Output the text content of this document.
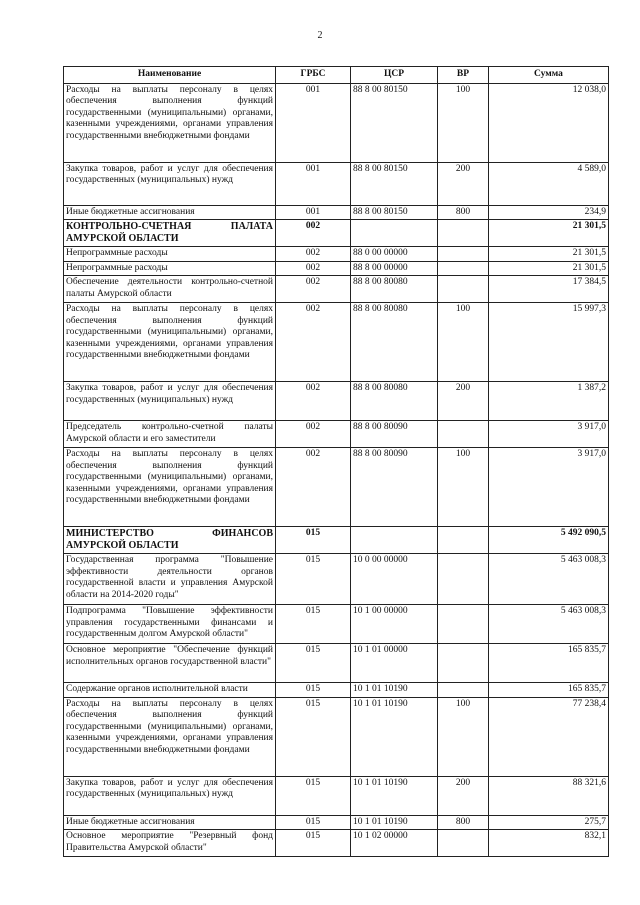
2
Наименование	ГРБС	ЦСР	ВР	Сумма
Расходы на выплаты персоналу в целях обеспечения выполнения функций государственными (муниципальными) органами, казенными учреждениями, органами управления государственными внебюджетными фондами	001	88 8 00 80150	100	12 038,0
Закупка товаров, работ и услуг для обеспечения государственных (муниципальных) нужд	001	88 8 00 80150	200	4 589,0
Иные бюджетные ассигнования	001	88 8 00 80150	800	234,9
КОНТРОЛЬНО-СЧЕТНАЯ ПАЛАТА АМУРСКОЙ ОБЛАСТИ	002			21 301,5
Непрограммные расходы	002	88 0 00 00000		21 301,5
Непрограммные расходы	002	88 8 00 00000		21 301,5
Обеспечение деятельности контрольно-счетной палаты Амурской области	002	88 8 00 80080		17 384,5
Расходы на выплаты персоналу в целях обеспечения выполнения функций государственными (муниципальными) органами, казенными учреждениями, органами управления государственными внебюджетными фондами	002	88 8 00 80080	100	15 997,3
Закупка товаров, работ и услуг для обеспечения государственных (муниципальных) нужд	002	88 8 00 80080	200	1 387,2
Председатель контрольно-счетной палаты Амурской области и его заместители	002	88 8 00 80090		3 917,0
Расходы на выплаты персоналу в целях обеспечения выполнения функций государственными (муниципальными) органами, казенными учреждениями, органами управления государственными внебюджетными фондами	002	88 8 00 80090	100	3 917,0
МИНИСТЕРСТВО ФИНАНСОВ АМУРСКОЙ ОБЛАСТИ	015			5 492 090,5
Государственная программа "Повышение эффективности деятельности органов государственной власти и управления Амурской области на 2014-2020 годы"	015	10 0 00 00000		5 463 008,3
Подпрограмма "Повышение эффективности управления государственными финансами и государственным долгом Амурской области"	015	10 1 00 00000		5 463 008,3
Основное мероприятие "Обеспечение функций исполнительных органов государственной власти"	015	10 1 01 00000		165 835,7
Содержание органов исполнительной власти	015	10 1 01 10190		165 835,7
Расходы на выплаты персоналу в целях обеспечения выполнения функций государственными (муниципальными) органами, казенными учреждениями, органами управления государственными внебюджетными фондами	015	10 1 01 10190	100	77 238,4
Закупка товаров, работ и услуг для обеспечения государственных (муниципальных) нужд	015	10 1 01 10190	200	88 321,6
Иные бюджетные ассигнования	015	10 1 01 10190	800	275,7
Основное мероприятие "Резервный фонд Правительства Амурской области"	015	10 1 02 00000		832,1
